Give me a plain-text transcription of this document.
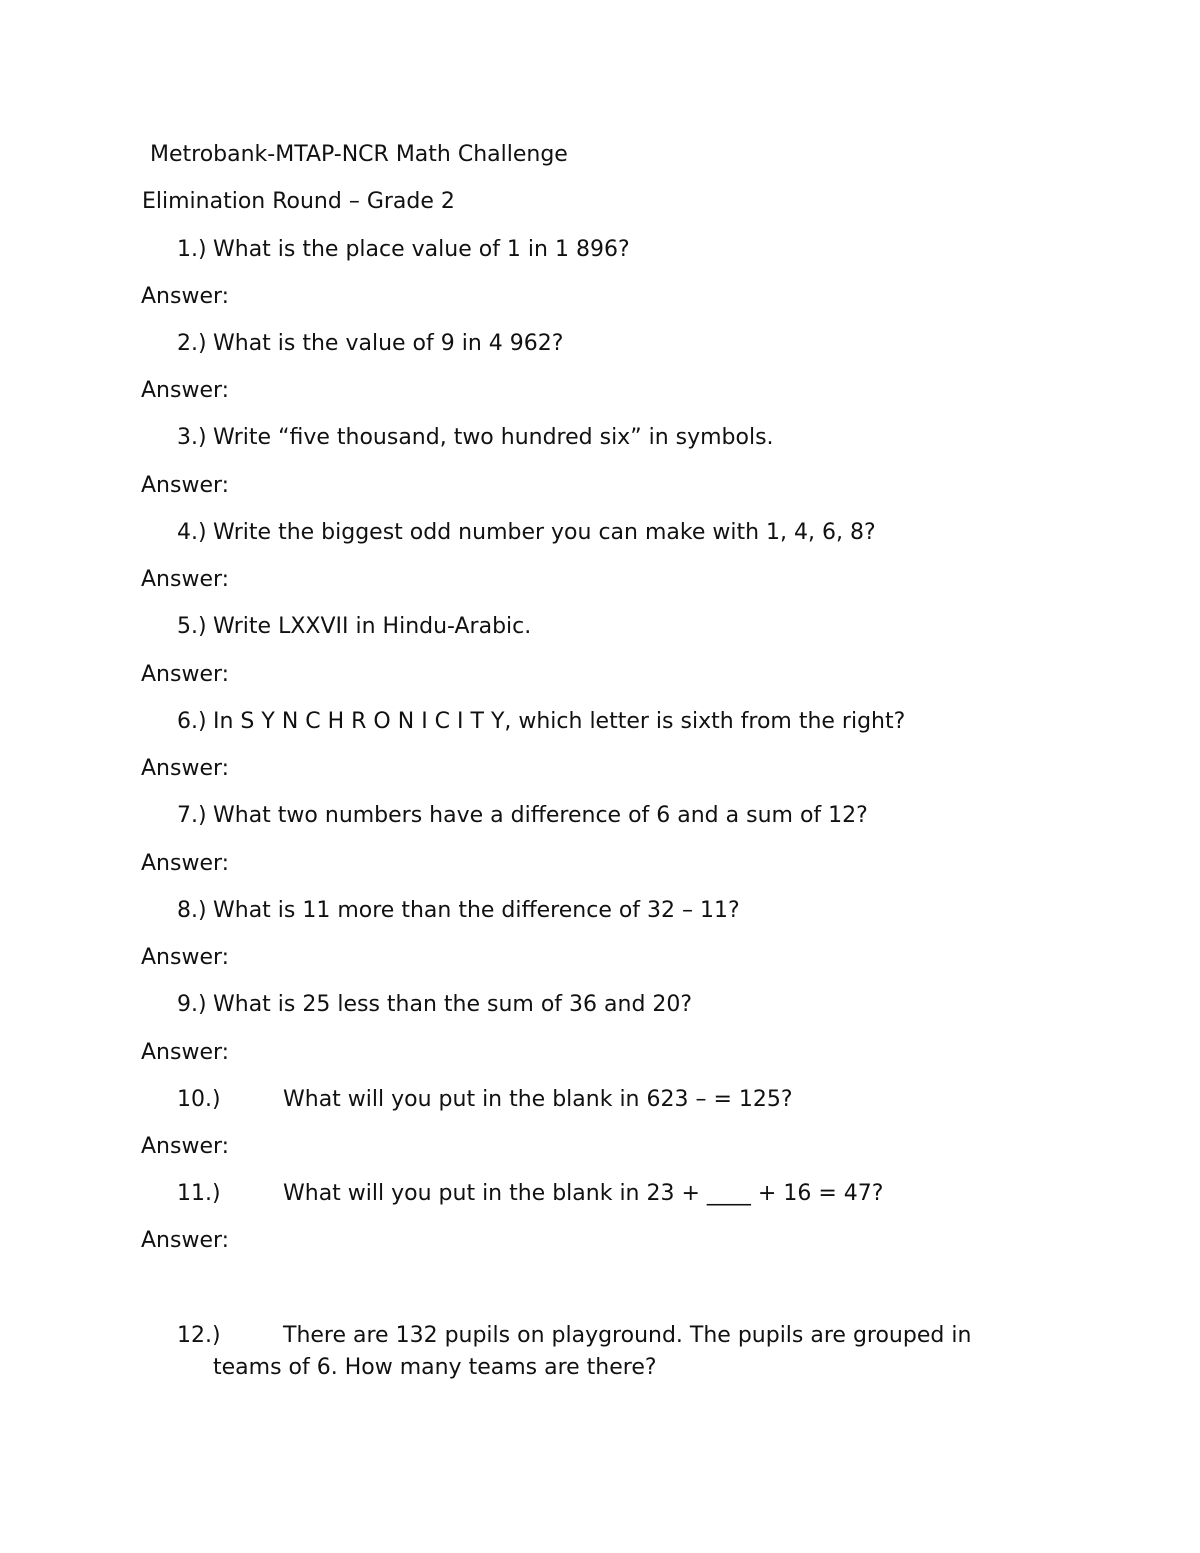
Metrobank-MTAP-NCR Math Challenge
Elimination Round – Grade 2
1.) What is the place value of 1 in 1 896?
Answer:
2.) What is the value of 9 in 4 962?
Answer:
3.) Write “five thousand, two hundred six” in symbols.
Answer:
4.) Write the biggest odd number you can make with 1, 4, 6, 8?
Answer:
5.) Write LXXVII in Hindu-Arabic.
Answer:
6.) In S Y N C H R O N I C I T Y, which letter is sixth from the right?
Answer:
7.) What two numbers have a difference of 6 and a sum of 12?
Answer:
8.) What is 11 more than the difference of 32 – 11?
Answer:
9.) What is 25 less than the sum of 36 and 20?
Answer:
10.)	What will you put in the blank in 623 – = 125?
Answer:
11.)	What will you put in the blank in 23 + ____ + 16 = 47?
Answer:
12.)	There are 132 pupils on playground. The pupils are grouped in
teams of 6. How many teams are there?
